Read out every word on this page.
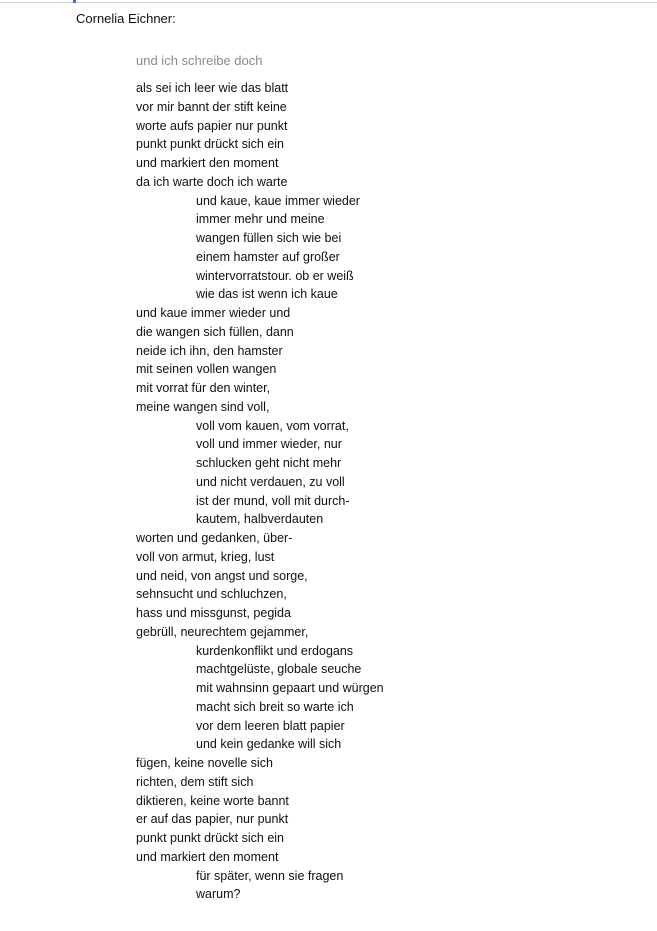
Cornelia Eichner:
und ich schreibe doch
als sei ich leer wie das blatt
vor mir bannt der stift keine
worte aufs papier nur punkt
punkt punkt drückt sich ein
und markiert den moment
da ich warte doch ich warte
und kaue, kaue immer wieder
immer mehr und meine
wangen füllen sich wie bei
einem hamster auf großer
wintervorratstour. ob er weiß
wie das ist wenn ich kaue
und kaue immer wieder und
die wangen sich füllen, dann
neide ich ihn, den hamster
mit seinen vollen wangen
mit vorrat für den winter,
meine wangen sind voll,
voll vom kauen, vom vorrat,
voll und immer wieder, nur
schlucken geht nicht mehr
und nicht verdauen, zu voll
ist der mund, voll mit durch-
kautem, halbverdauten
worten und gedanken, über-
voll von armut, krieg, lust
und neid, von angst und sorge,
sehnsucht und schluchzen,
hass und missgunst, pegida
gebrüll, neurechtem gejammer,
kurdenkonflikt und erdogans
machtgelüste, globale seuche
mit wahnsinn gepaart und würgen
macht sich breit so warte ich
vor dem leeren blatt papier
und kein gedanke will sich
fügen, keine novelle sich
richten, dem stift sich
diktieren, keine worte bannt
er auf das papier, nur punkt
punkt punkt drückt sich ein
und markiert den moment
für später, wenn sie fragen
warum?
